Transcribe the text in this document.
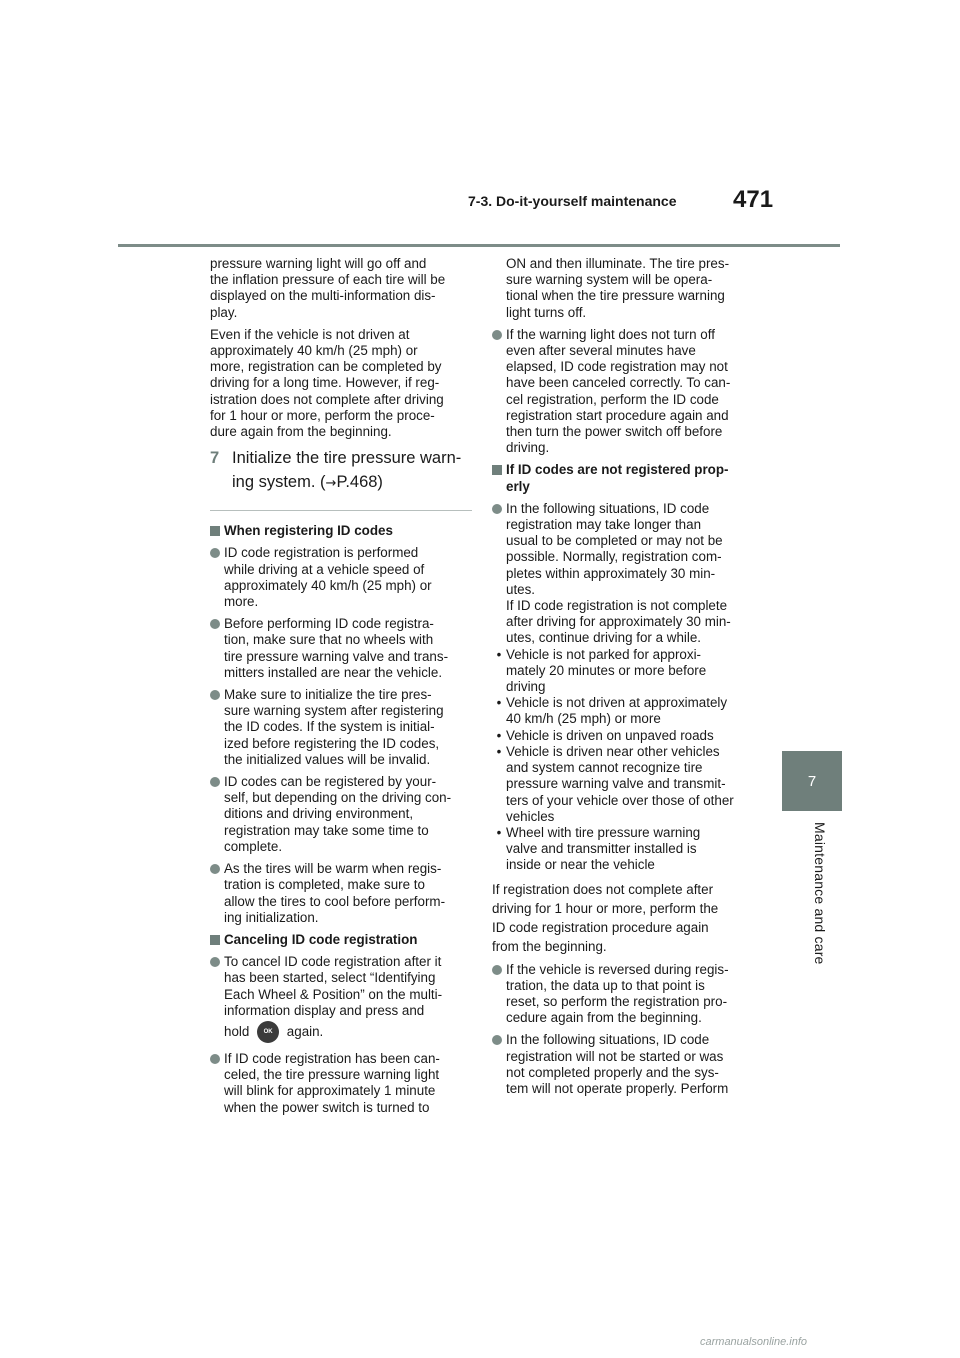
7-3. Do-it-yourself maintenance 471
7
Maintenance and care

pressure warning light will go off and
the inflation pressure of each tire will be
displayed on the multi-information dis-
play.

Even if the vehicle is not driven at
approximately 40 km/h (25 mph) or
more, registration can be completed by
driving for a long time. However, if reg-
istration does not complete after driving
for 1 hour or more, perform the proce-
dure again from the beginning.

7 Initialize the tire pressure warn-
ing system. (→P.468)
When registering ID codes
ID code registration is performed
while driving at a vehicle speed of
approximately 40 km/h (25 mph) or
more.
Before performing ID code registra-
tion, make sure that no wheels with
tire pressure warning valve and trans-
mitters installed are near the vehicle.
Make sure to initialize the tire pres-
sure warning system after registering
the ID codes. If the system is initial-
ized before registering the ID codes,
the initialized values will be invalid.
ID codes can be registered by your-
self, but depending on the driving con-
ditions and driving environment,
registration may take some time to
complete.
As the tires will be warm when regis-
tration is completed, make sure to
allow the tires to cool before perform-
ing initialization.
Canceling ID code registration
To cancel ID code registration after it
has been started, select “Identifying
Each Wheel & Position” on the multi-
information display and press and
hold OK again.
If ID code registration has been can-
celed, the tire pressure warning light
will blink for approximately 1 minute
when the power switch is turned to

ON and then illuminate. The tire pres-
sure warning system will be opera-
tional when the tire pressure warning
light turns off.

If the warning light does not turn off
even after several minutes have
elapsed, ID code registration may not
have been canceled correctly. To can-
cel registration, perform the ID code
registration start procedure again and
then turn the power switch off before
driving.
If ID codes are not registered prop-
erly
In the following situations, ID code
registration may take longer than
usual to be completed or may not be
possible. Normally, registration com-
pletes within approximately 30 min-
utes.
If ID code registration is not complete
after driving for approximately 30 min-
utes, continue driving for a while.
• Vehicle is not parked for approxi-
mately 20 minutes or more before
driving
• Vehicle is not driven at approximately
40 km/h (25 mph) or more
• Vehicle is driven on unpaved roads
• Vehicle is driven near other vehicles
and system cannot recognize tire
pressure warning valve and transmit-
ters of your vehicle over those of other
vehicles
• Wheel with tire pressure warning
valve and transmitter installed is
inside or near the vehicle

If registration does not complete after
driving for 1 hour or more, perform the
ID code registration procedure again
from the beginning.

If the vehicle is reversed during regis-
tration, the data up to that point is
reset, so perform the registration pro-
cedure again from the beginning.
In the following situations, ID code
registration will not be started or was
not completed properly and the sys-
tem will not operate properly. Perform
carmanualsonline.info
